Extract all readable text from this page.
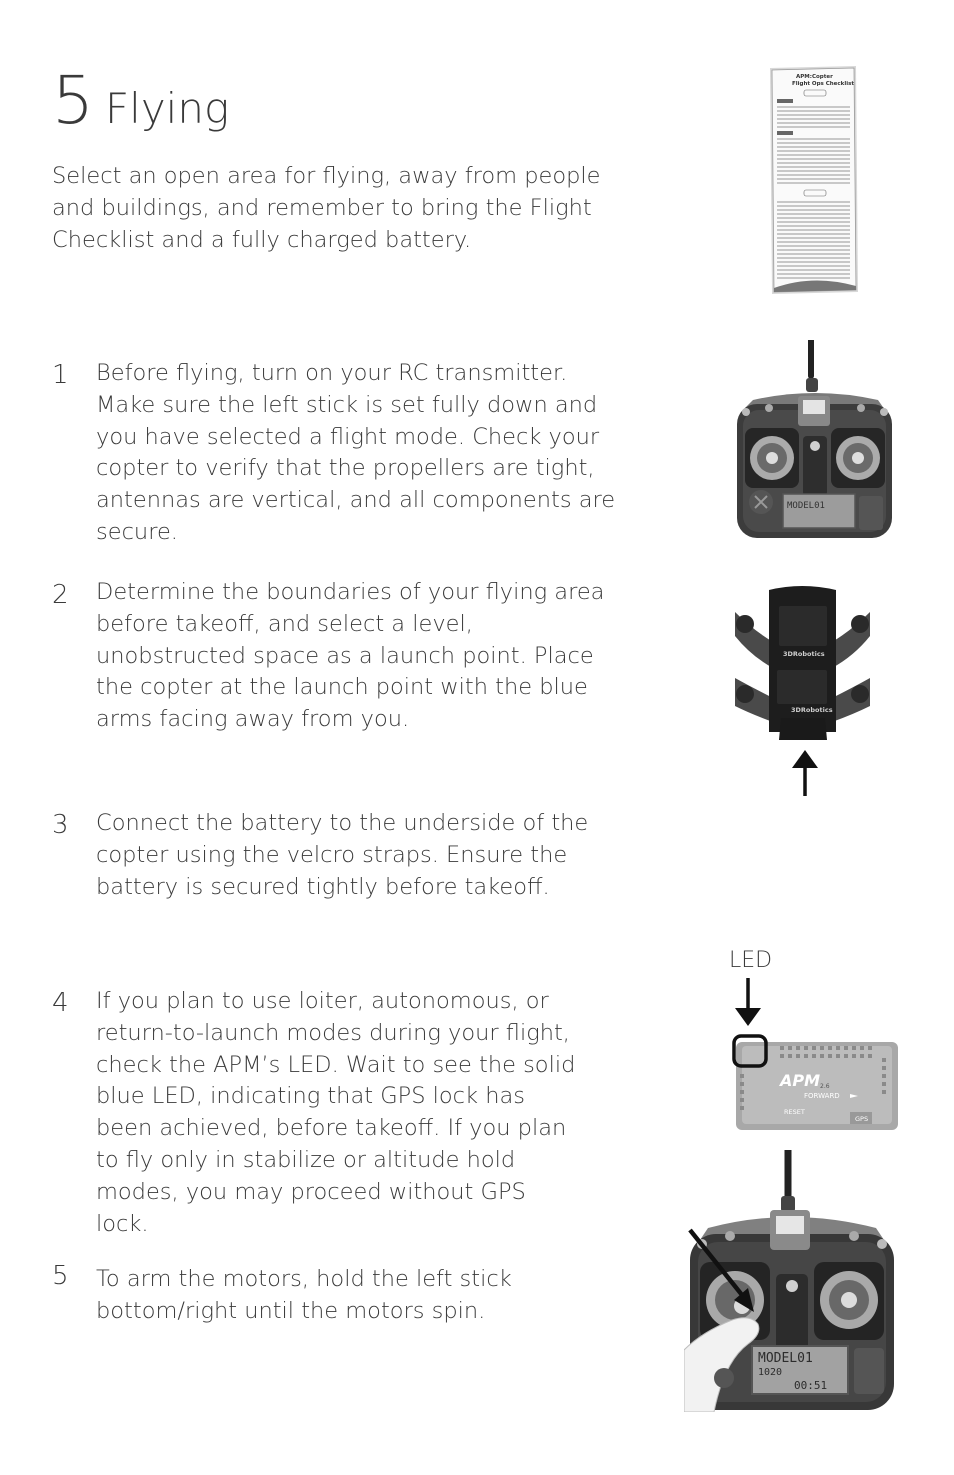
5 Flying

Select an open area for flying, away from people and buildings, and remember to bring the Flight Checklist and a fully charged battery.

APM:Copter
Flight Ops Checklist
1 Before flying, turn on your RC transmitter. Make sure the left stick is set fully down and you have selected a flight mode. Check your copter to verify that the propellers are tight, antennas are vertical, and all components are secure.

MODEL01
2 Determine the boundaries of your flying area before takeoff, and select a level, unobstructed space as a launch point. Place the copter at the launch point with the blue arms facing away from you.

3DRobotics
3DRobotics
3 Connect the battery to the underside of the copter using the velcro straps. Ensure the battery is secured tightly before takeoff.

LED
APM 2.6
FORWARD
RESET
GPS
4 If you plan to use loiter, autonomous, or return-to-launch modes during your flight, check the APM’s LED. Wait to see the solid blue LED, indicating that GPS lock has been achieved, before takeoff. If you plan to fly only in stabilize or altitude hold modes, you may proceed without GPS lock.

5 To arm the motors, hold the left stick bottom/right until the motors spin.

MODEL01
1020
00:51
